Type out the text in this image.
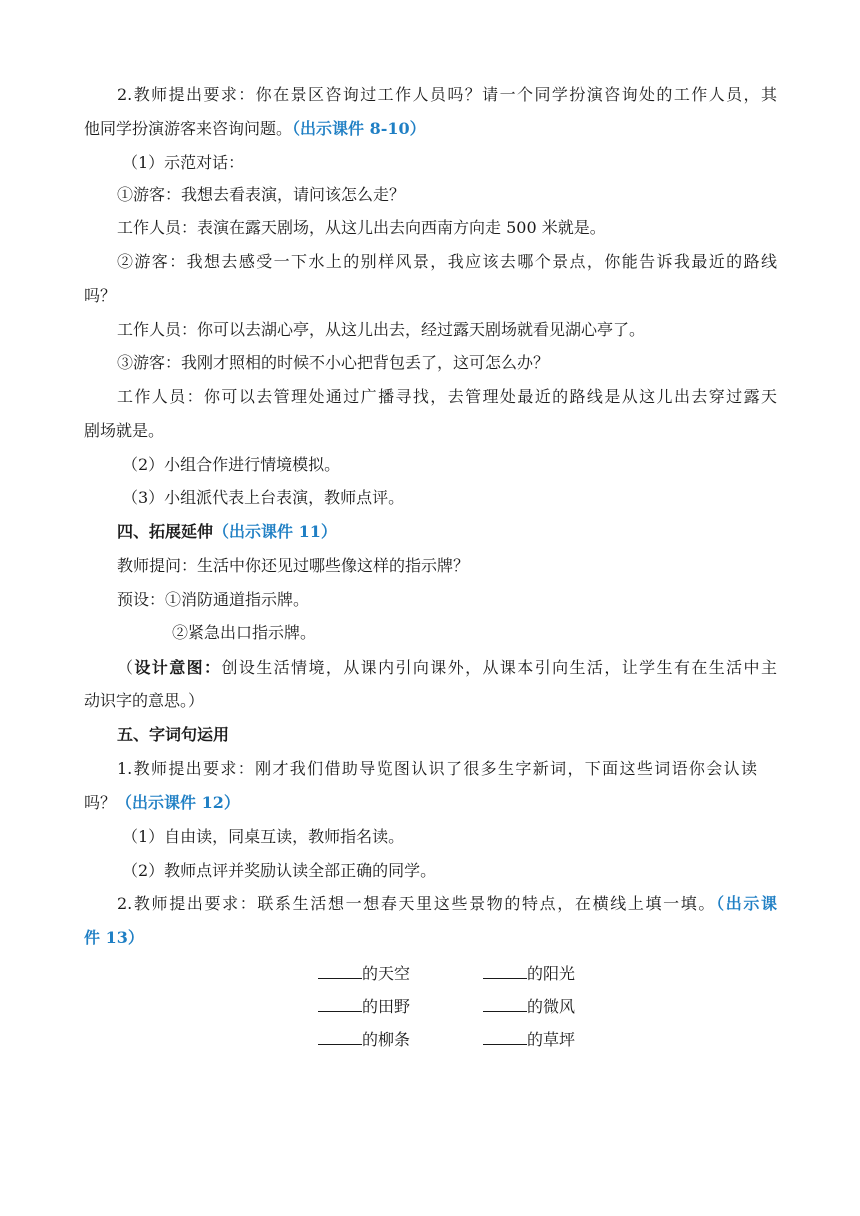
2.教师提出要求：你在景区咨询过工作人员吗？请一个同学扮演咨询处的工作人员，其
他同学扮演游客来咨询问题。（出示课件 8-10）
（1）示范对话：
①游客：我想去看表演，请问该怎么走？
工作人员：表演在露天剧场，从这儿出去向西南方向走 500 米就是。
②游客：我想去感受一下水上的别样风景，我应该去哪个景点，你能告诉我最近的路线
吗？
工作人员：你可以去湖心亭，从这儿出去，经过露天剧场就看见湖心亭了。
③游客：我刚才照相的时候不小心把背包丢了，这可怎么办？
工作人员：你可以去管理处通过广播寻找，去管理处最近的路线是从这儿出去穿过露天
剧场就是。
（2）小组合作进行情境模拟。
（3）小组派代表上台表演，教师点评。
四、拓展延伸（出示课件 11）
教师提问：生活中你还见过哪些像这样的指示牌？
预设：①消防通道指示牌。
②紧急出口指示牌。
（设计意图：创设生活情境，从课内引向课外，从课本引向生活，让学生有在生活中主
动识字的意思。）
五、字词句运用
1.教师提出要求：刚才我们借助导览图认识了很多生字新词，下面这些词语你会认读
吗？（出示课件 12）
（1）自由读，同桌互读，教师指名读。
（2）教师点评并奖励认读全部正确的同学。
2.教师提出要求：联系生活想一想春天里这些景物的特点，在横线上填一填。（出示课
件 13）
的天空	的阳光
的田野	的微风
的柳条	的草坪
